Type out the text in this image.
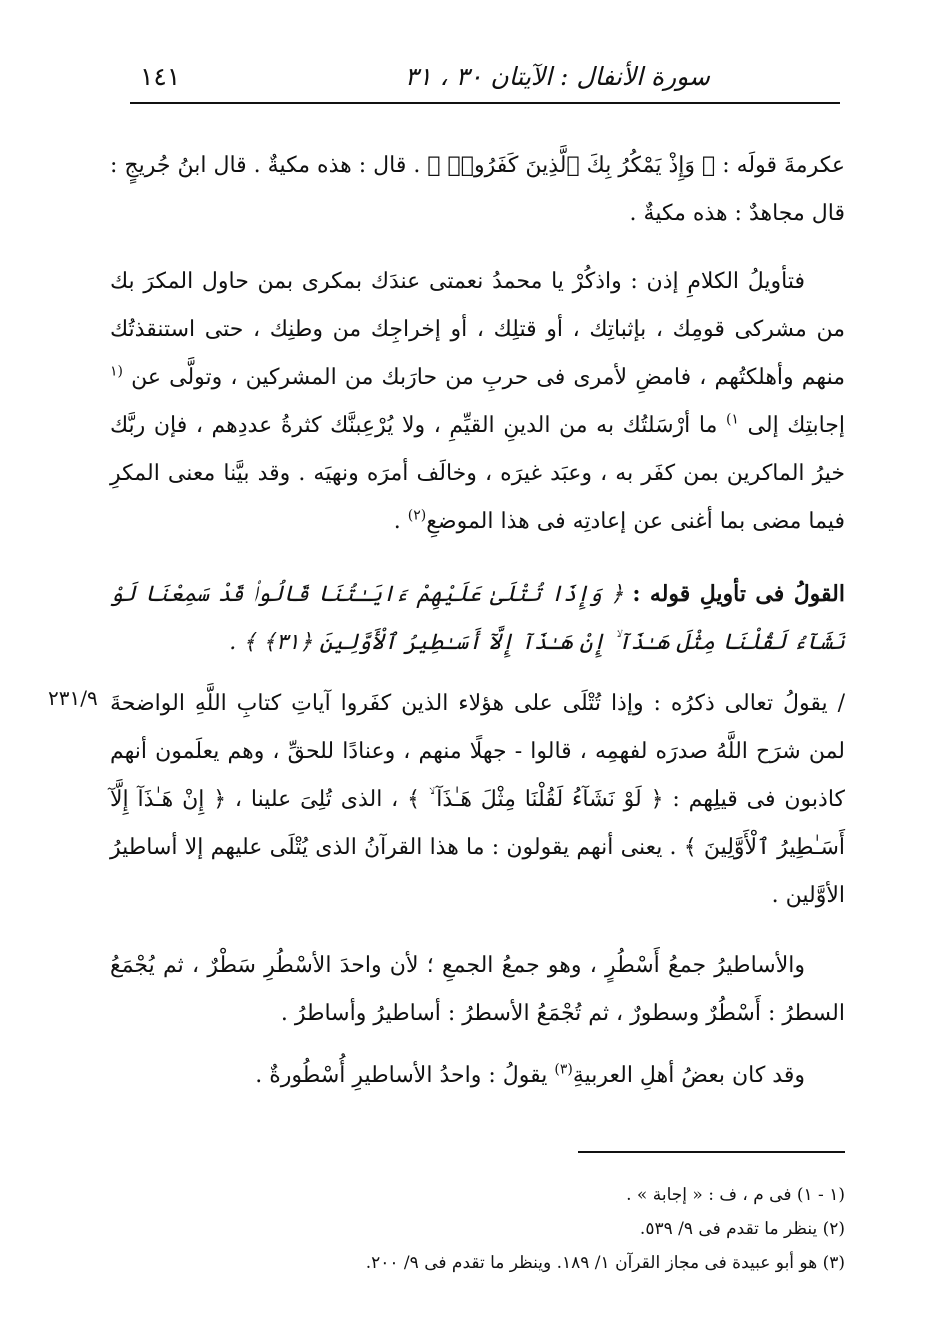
سورة الأنفال : الآيتان ٣٠ ، ٣١
١٤١

عكرمةَ قولَه : ﴿ وَإِذْ يَمْكُرُ بِكَ ٱلَّذِينَ كَفَرُوا۟ ﴾ . قال : هذه مكيةٌ . قال ابنُ جُريجٍ : قال مجاهدٌ : هذه مكيةٌ .

فتأويلُ الكلامِ إذن : واذكُرْ يا محمدُ نعمتى عندَك بمكرى بمن حاول المكرَ بك من مشركى قومِك ، بإثباتِك ، أو قتلِك ، أو إخراجِك من وطنِك ، حتى استنقذتُك منهم وأهلكتُهم ، فامضِ لأمرى فى حربِ من حارَبك من المشركين ، وتولَّى عن $^{(١}$ إجابتِك إلى $^{١)}$ ما أرْسَلتُك به من الدينِ القيِّمِ ، ولا يُرْعِبنَّك كثرةُ عددِهم ، فإن ربَّك خيرُ الماكرين بمن كفَر به ، وعبَد غيرَه ، وخالَف أمرَه ونهيَه . وقد بيَّنا معنى المكرِ فيما مضى بما أغنى عن إعادتِه فى هذا الموضعِ$^{(٢)}$ .

القولُ فى تأويلِ قوله : ﴿ وَإِذَا تُتْلَىٰ عَلَيْهِمْ ءَايَـٰتُنَا قَالُوا۟ قَدْ سَمِعْنَا لَوْ نَشَآءُ لَقُلْنَا مِثْلَ هَـٰذَآ ۙ إِنْ هَـٰذَآ إِلَّآ أَسَـٰطِيرُ ٱلْأَوَّلِينَ ﴿٣١﴾ ﴾ .

٢٣١/٩ / يقولُ تعالى ذكرُه : وإذا تُتْلَى على هؤلاء الذين كفَروا آياتِ كتابِ اللَّهِ الواضحةَ لمن شرَح اللَّهُ صدرَه لفهمِه ، قالوا - جهلًا منهم ، وعنادًا للحقِّ ، وهم يعلَمون أنهم كاذبون فى قيلِهم : ﴿ لَوْ نَشَآءُ لَقُلْنَا مِثْلَ هَـٰذَآ ۙ ﴾ ، الذى تُلِىَ علينا ، ﴿ إِنْ هَـٰذَآ إِلَّآ أَسَـٰطِيرُ ٱلْأَوَّلِينَ ﴾ . يعنى أنهم يقولون : ما هذا القرآنُ الذى يُتْلَى عليهم إلا أساطيرُ الأوَّلين .

والأساطيرُ جمعُ أَسْطُرٍ ، وهو جمعُ الجمعِ ؛ لأن واحدَ الأسْطُرِ سَطْرٌ ، ثم يُجْمَعُ السطرُ : أَسْطُرٌ وسطورٌ ، ثم تُجْمَعُ الأسطرُ : أساطيرُ وأساطرُ .

وقد كان بعضُ أهلِ العربيةِ$^{(٣)}$ يقولُ : واحدُ الأساطيرِ أُسْطُورةٌ .

(١ - ١) فى م ، ف : « إجابة » .
(٢) ينظر ما تقدم فى ٩/ ٥٣٩.
(٣) هو أبو عبيدة فى مجاز القرآن ١/ ١٨٩. وينظر ما تقدم فى ٩/ ٢٠٠.
